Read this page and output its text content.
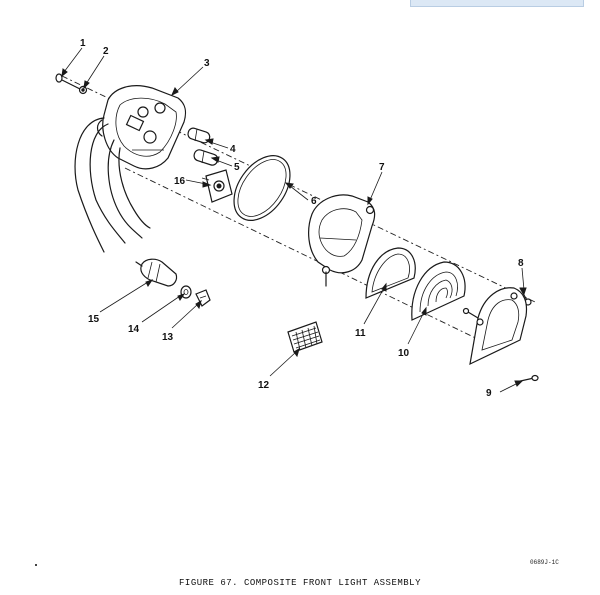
1
2
3
4
5
6
7
8
9
10
11
12
13
14
15
16
0689J-1C
FIGURE 67. COMPOSITE FRONT LIGHT ASSEMBLY
